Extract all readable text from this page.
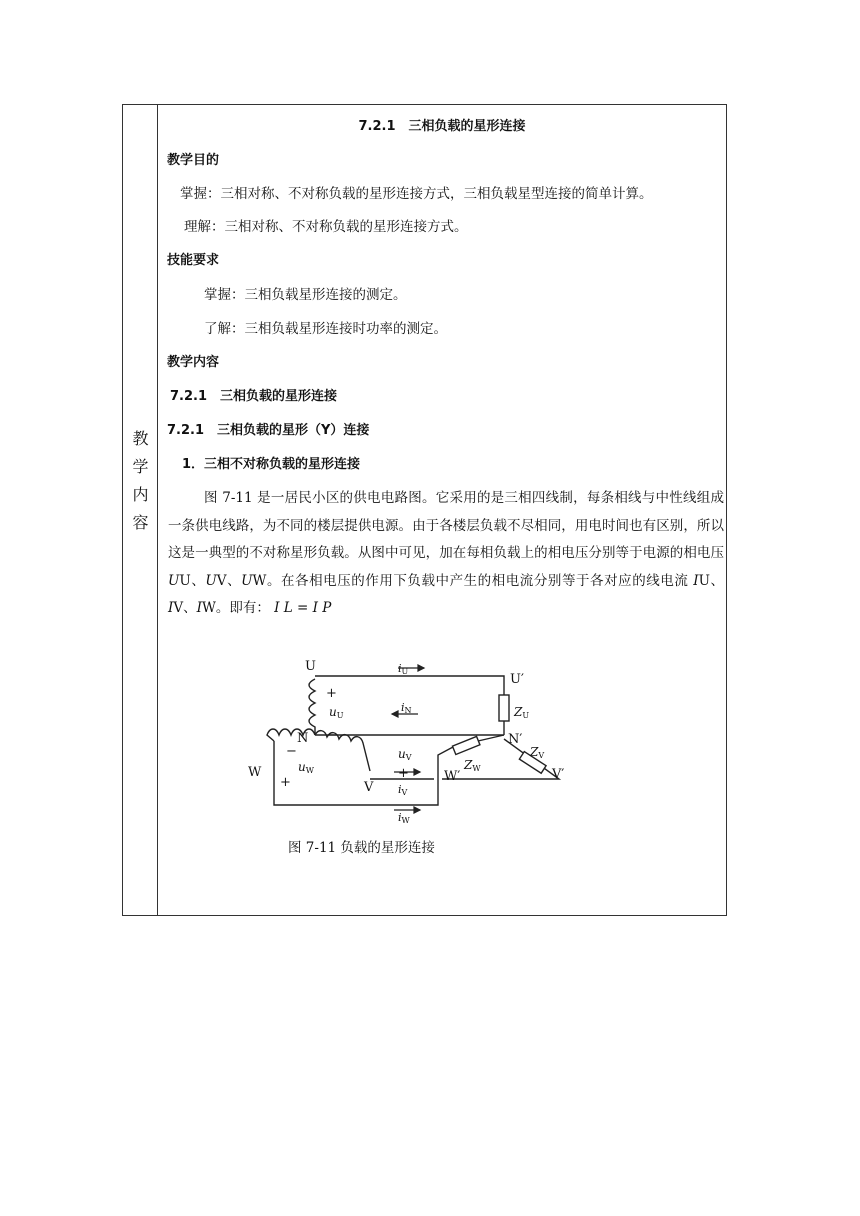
教
学
内
容
7.2.1　三相负载的星形连接
教学目的
掌握：三相对称、不对称负载的星形连接方式，三相负载星型连接的简单计算。
理解：三相对称、不对称负载的星形连接方式。
技能要求
掌握：三相负载星形连接的测定。
了解：三相负载星形连接时功率的测定。
教学内容
7.2.1　三相负载的星形连接
7.2.1　三相负载的星形（Y）连接
1．三相不对称负载的星形连接
图 7-11 是一居民小区的供电电路图。它采用的是三相四线制，每条相线与中性线组成一条供电线路，为不同的楼层提供电源。由于各楼层负载不尽相同，用电时间也有区别，所以这是一典型的不对称星形负载。从图中可见，加在每相负载上的相电压分别等于电源的相电压 UU、UV、UW。在各相电压的作用下负载中产生的相电流分别等于各对应的线电流 IU、IV、IW。即有： I L = I P
U
U′
N	N′
W
V
W′	V′
+
−
−
+
+
iU
iN
iV
iW
uU
uV
uW
ZU
ZV
ZW
图 7-11 负载的星形连接
